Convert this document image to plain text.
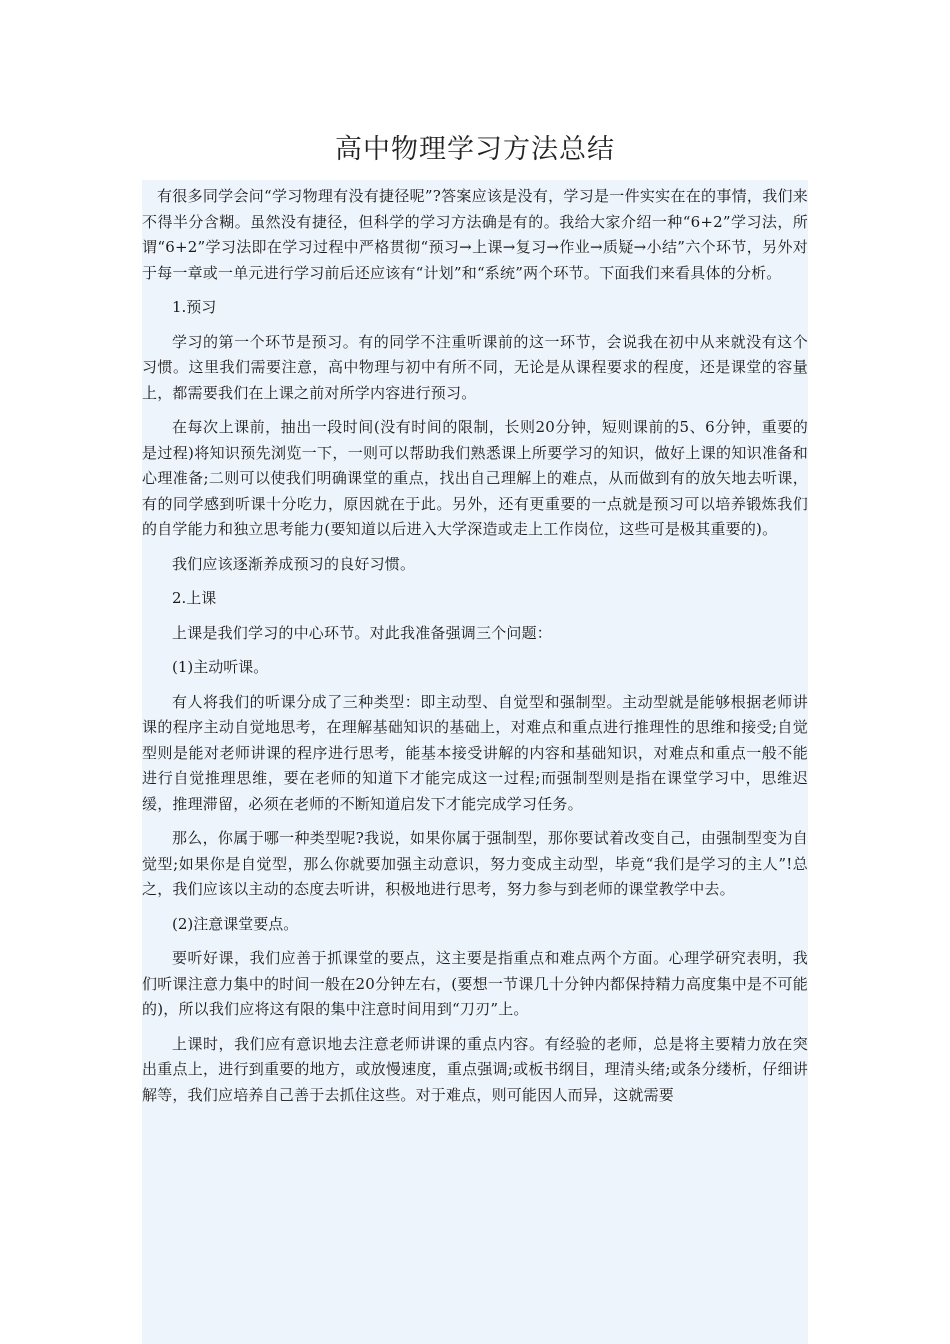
高中物理学习方法总结

有很多同学会问“学习物理有没有捷径呢”?答案应该是没有，学习是一件实实在在的事情，我们来不得半分含糊。虽然没有捷径，但科学的学习方法确是有的。我给大家介绍一种“6+2”学习法，所谓“6+2”学习法即在学习过程中严格贯彻“预习→上课→复习→作业→质疑→小结”六个环节，另外对于每一章或一单元进行学习前后还应该有“计划”和“系统”两个环节。下面我们来看具体的分析。

1.预习

学习的第一个环节是预习。有的同学不注重听课前的这一环节，会说我在初中从来就没有这个习惯。这里我们需要注意，高中物理与初中有所不同，无论是从课程要求的程度，还是课堂的容量上，都需要我们在上课之前对所学内容进行预习。

在每次上课前，抽出一段时间(没有时间的限制，长则20分钟，短则课前的5、6分钟，重要的是过程)将知识预先浏览一下，一则可以帮助我们熟悉课上所要学习的知识，做好上课的知识准备和心理准备;二则可以使我们明确课堂的重点，找出自己理解上的难点，从而做到有的放矢地去听课，有的同学感到听课十分吃力，原因就在于此。另外，还有更重要的一点就是预习可以培养锻炼我们的自学能力和独立思考能力(要知道以后进入大学深造或走上工作岗位，这些可是极其重要的)。

我们应该逐渐养成预习的良好习惯。

2.上课

上课是我们学习的中心环节。对此我准备强调三个问题：

(1)主动听课。

有人将我们的听课分成了三种类型：即主动型、自觉型和强制型。主动型就是能够根据老师讲课的程序主动自觉地思考，在理解基础知识的基础上，对难点和重点进行推理性的思维和接受;自觉型则是能对老师讲课的程序进行思考，能基本接受讲解的内容和基础知识，对难点和重点一般不能进行自觉推理思维，要在老师的知道下才能完成这一过程;而强制型则是指在课堂学习中，思维迟缓，推理滞留，必须在老师的不断知道启发下才能完成学习任务。

那么，你属于哪一种类型呢?我说，如果你属于强制型，那你要试着改变自己，由强制型变为自觉型;如果你是自觉型，那么你就要加强主动意识，努力变成主动型，毕竟“我们是学习的主人”!总之，我们应该以主动的态度去听讲，积极地进行思考，努力参与到老师的课堂教学中去。

(2)注意课堂要点。

要听好课，我们应善于抓课堂的要点，这主要是指重点和难点两个方面。心理学研究表明，我们听课注意力集中的时间一般在20分钟左右，(要想一节课几十分钟内都保持精力高度集中是不可能的)，所以我们应将这有限的集中注意时间用到“刀刃”上。

上课时，我们应有意识地去注意老师讲课的重点内容。有经验的老师，总是将主要精力放在突出重点上，进行到重要的地方，或放慢速度，重点强调;或板书纲目，理清头绪;或条分缕析，仔细讲解等，我们应培养自己善于去抓住这些。对于难点，则可能因人而异，这就需要
